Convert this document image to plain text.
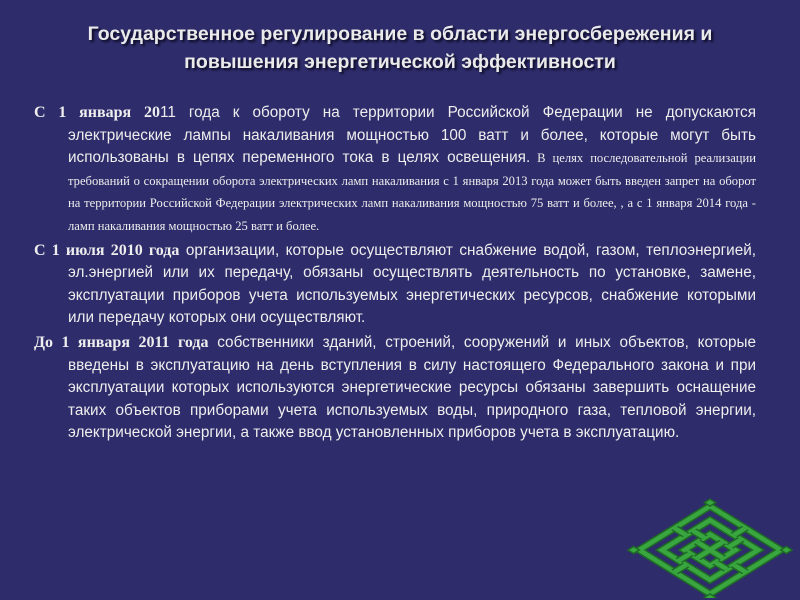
Государственное регулирование в области энергосбережения и
повышения энергетической эффективности

С 1 января 2011 года к обороту на территории Российской Федерации не допускаются электрические лампы накаливания мощностью 100 ватт и более, которые могут быть использованы в цепях переменного тока в целях освещения. В целях последовательной реализации требований о сокращении оборота электрических ламп накаливания с 1 января 2013 года может быть введен запрет на оборот на территории Российской Федерации электрических ламп накаливания мощностью 75 ватт и более, , а с 1 января 2014 года - ламп накаливания мощностью 25 ватт и более.

С 1 июля 2010 года организации, которые осуществляют снабжение водой, газом, теплоэнергией, эл.энергией или их передачу, обязаны осуществлять деятельность по установке, замене, эксплуатации приборов учета используемых энергетических ресурсов, снабжение которыми или передачу которых они осуществляют.

До 1 января 2011 года собственники зданий, строений, сооружений и иных объектов, которые введены в эксплуатацию на день вступления в силу настоящего Федерального закона и при эксплуатации которых используются энергетические ресурсы обязаны завершить оснащение таких объектов приборами учета используемых воды, природного газа, тепловой энергии, электрической энергии, а также ввод установленных приборов учета в эксплуатацию.
